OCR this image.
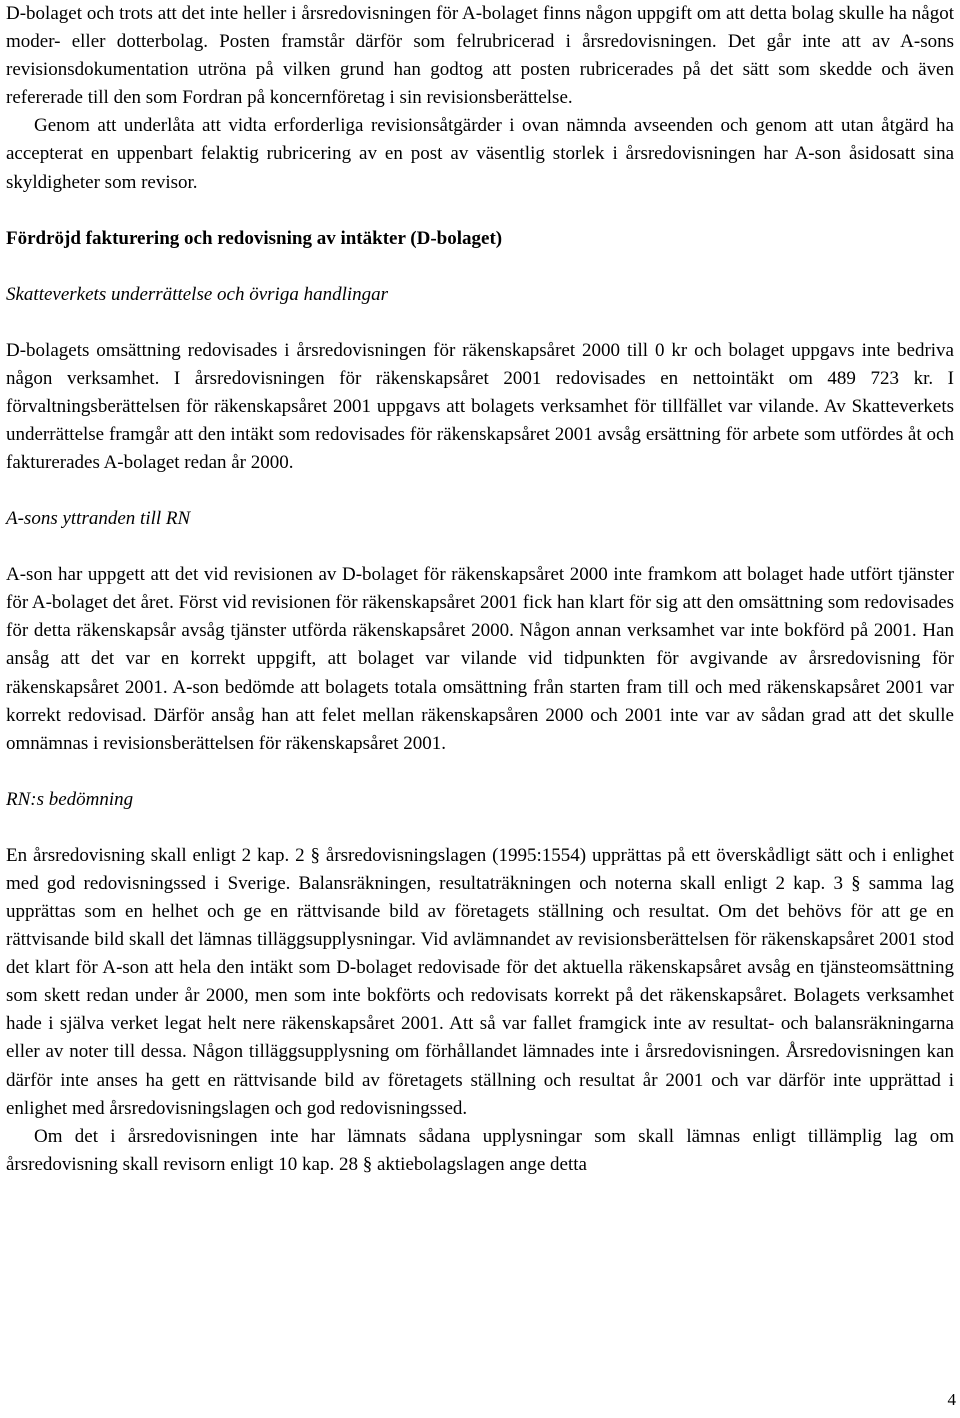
D-bolaget och trots att det inte heller i årsredovisningen för A-bolaget finns någon uppgift om att detta bolag skulle ha något moder- eller dotterbolag. Posten framstår därför som felrubricerad i årsredovisningen. Det går inte att av A-sons revisionsdokumentation utröna på vilken grund han godtog att posten rubricerades på det sätt som skedde och även refererade till den som Fordran på koncernföretag i sin revisionsberättelse.

Genom att underlåta att vidta erforderliga revisionsåtgärder i ovan nämnda avseenden och genom att utan åtgärd ha accepterat en uppenbart felaktig rubricering av en post av väsentlig storlek i årsredovisningen har A-son åsidosatt sina skyldigheter som revisor.

Fördröjd fakturering och redovisning av intäkter (D-bolaget)

Skatteverkets underrättelse och övriga handlingar

D-bolagets omsättning redovisades i årsredovisningen för räkenskapsåret 2000 till 0 kr och bolaget uppgavs inte bedriva någon verksamhet. I årsredovisningen för räkenskapsåret 2001 redovisades en nettointäkt om 489 723 kr. I förvaltningsberättelsen för räkenskapsåret 2001 uppgavs att bolagets verksamhet för tillfället var vilande. Av Skatteverkets underrättelse framgår att den intäkt som redovisades för räkenskapsåret 2001 avsåg ersättning för arbete som utfördes åt och fakturerades A-bolaget redan år 2000.

A-sons yttranden till RN

A-son har uppgett att det vid revisionen av D-bolaget för räkenskapsåret 2000 inte framkom att bolaget hade utfört tjänster för A-bolaget det året. Först vid revisionen för räkenskapsåret 2001 fick han klart för sig att den omsättning som redovisades för detta räkenskapsår avsåg tjänster utförda räkenskapsåret 2000. Någon annan verksamhet var inte bokförd på 2001. Han ansåg att det var en korrekt uppgift, att bolaget var vilande vid tidpunkten för avgivande av årsredovisning för räkenskapsåret 2001. A-son bedömde att bolagets totala omsättning från starten fram till och med räkenskapsåret 2001 var korrekt redovisad. Därför ansåg han att felet mellan räkenskapsåren 2000 och 2001 inte var av sådan grad att det skulle omnämnas i revisionsberättelsen för räkenskapsåret 2001.

RN:s bedömning

En årsredovisning skall enligt 2 kap. 2 § årsredovisningslagen (1995:1554) upprättas på ett överskådligt sätt och i enlighet med god redovisningssed i Sverige. Balansräkningen, resultaträkningen och noterna skall enligt 2 kap. 3 § samma lag upprättas som en helhet och ge en rättvisande bild av företagets ställning och resultat. Om det behövs för att ge en rättvisande bild skall det lämnas tilläggsupplysningar. Vid avlämnandet av revisionsberättelsen för räkenskapsåret 2001 stod det klart för A-son att hela den intäkt som D-bolaget redovisade för det aktuella räkenskapsåret avsåg en tjänsteomsättning som skett redan under år 2000, men som inte bokförts och redovisats korrekt på det räkenskapsåret. Bolagets verksamhet hade i själva verket legat helt nere räkenskapsåret 2001. Att så var fallet framgick inte av resultat- och balansräkningarna eller av noter till dessa. Någon tilläggsupplysning om förhållandet lämnades inte i årsredovisningen. Årsredovisningen kan därför inte anses ha gett en rättvisande bild av företagets ställning och resultat år 2001 och var därför inte upprättad i enlighet med årsredovisningslagen och god redovisningssed.

Om det i årsredovisningen inte har lämnats sådana upplysningar som skall lämnas enligt tillämplig lag om årsredovisning skall revisorn enligt 10 kap. 28 § aktiebolagslagen ange detta

4
